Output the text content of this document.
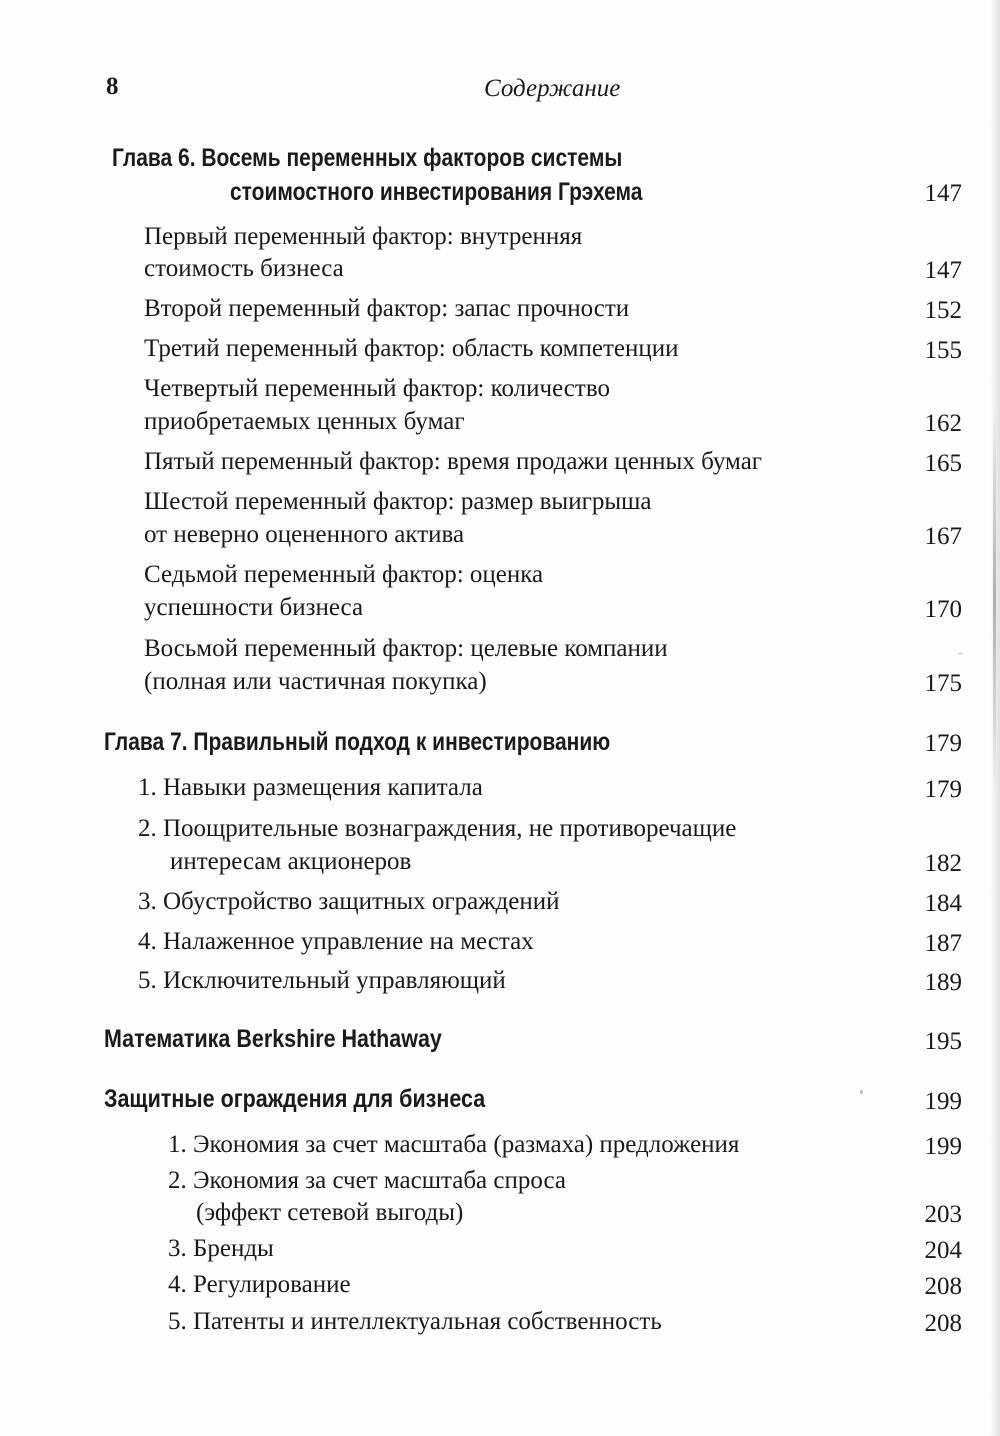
8	Содержание
Глава 6. Восемь переменных факторов системы
стоимостного инвестирования Грэхема	147
Первый переменный фактор: внутренняя
стоимость бизнеса	147
Второй переменный фактор: запас прочности	152
Третий переменный фактор: область компетенции	155
Четвертый переменный фактор: количество
приобретаемых ценных бумаг	162
Пятый переменный фактор: время продажи ценных бумаг	165
Шестой переменный фактор: размер выигрыша
от неверно оцененного актива	167
Седьмой переменный фактор: оценка
успешности бизнеса	170
Восьмой переменный фактор: целевые компании
(полная или частичная покупка)	175
Глава 7. Правильный подход к инвестированию	179
1. Навыки размещения капитала	179
2. Поощрительные вознаграждения, не противоречащие
интересам акционеров	182
3. Обустройство защитных ограждений	184
4. Налаженное управление на местах	187
5. Исключительный управляющий	189
Математика Berkshire Hathaway	195
Защитные ограждения для бизнеса	199
1. Экономия за счет масштаба (размаха) предложения	199
2. Экономия за счет масштаба спроса
(эффект сетевой выгоды)	203
3. Бренды	204
4. Регулирование	208
5. Патенты и интеллектуальная собственность	208
